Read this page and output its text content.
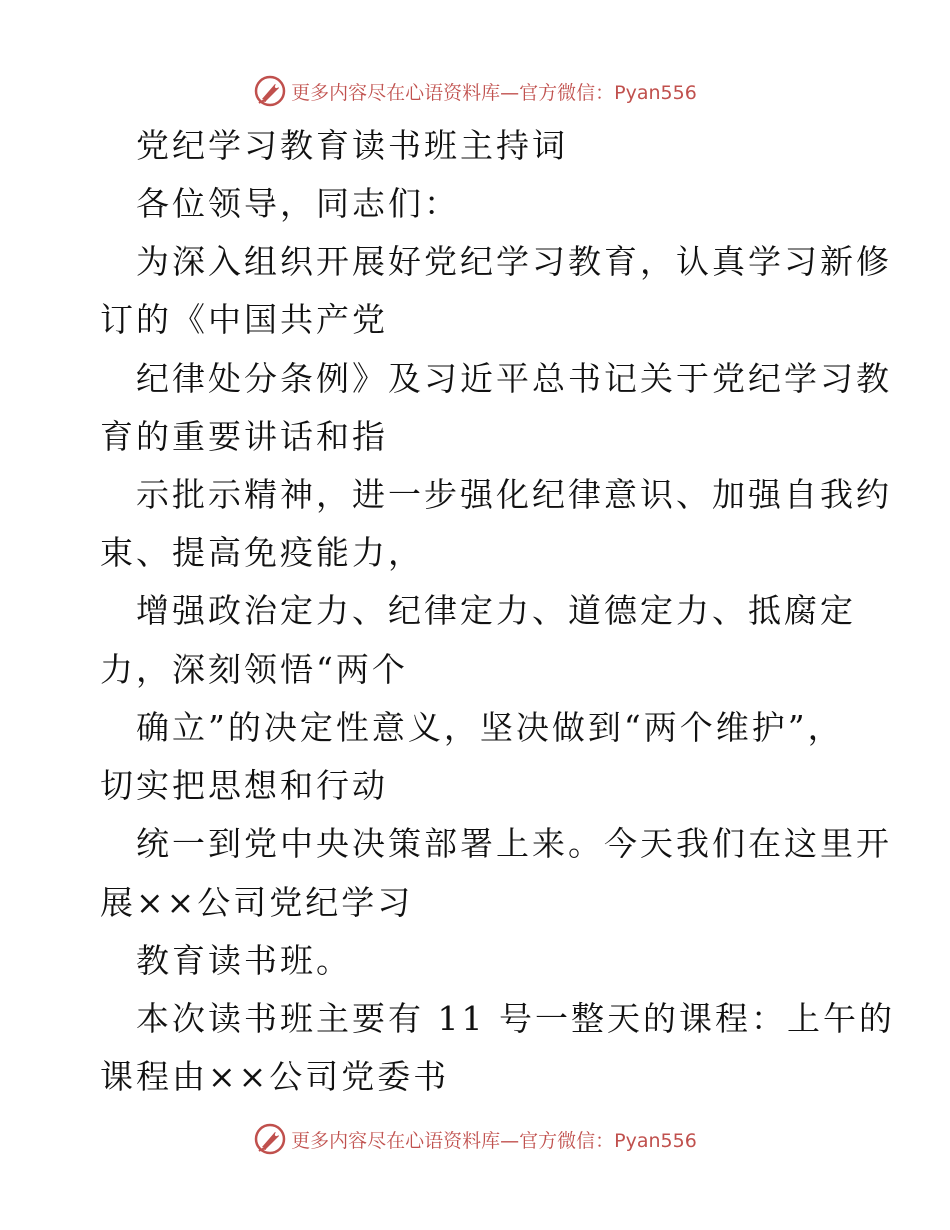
更多内容尽在心语资料库—官方微信：Pyan556
党纪学习教育读书班主持词
各位领导，同志们：
为深入组织开展好党纪学习教育，认真学习新修
订的《中国共产党
纪律处分条例》及习近平总书记关于党纪学习教
育的重要讲话和指
示批示精神，进一步强化纪律意识、加强自我约
束、提高免疫能力，
增强政治定力、纪律定力、道德定力、抵腐定
力，深刻领悟“两个
确立”的决定性意义，坚决做到“两个维护”，
切实把思想和行动
统一到党中央决策部署上来。今天我们在这里开
展××公司党纪学习
教育读书班。
本次读书班主要有 11 号一整天的课程：上午的
课程由××公司党委书
更多内容尽在心语资料库—官方微信：Pyan556
